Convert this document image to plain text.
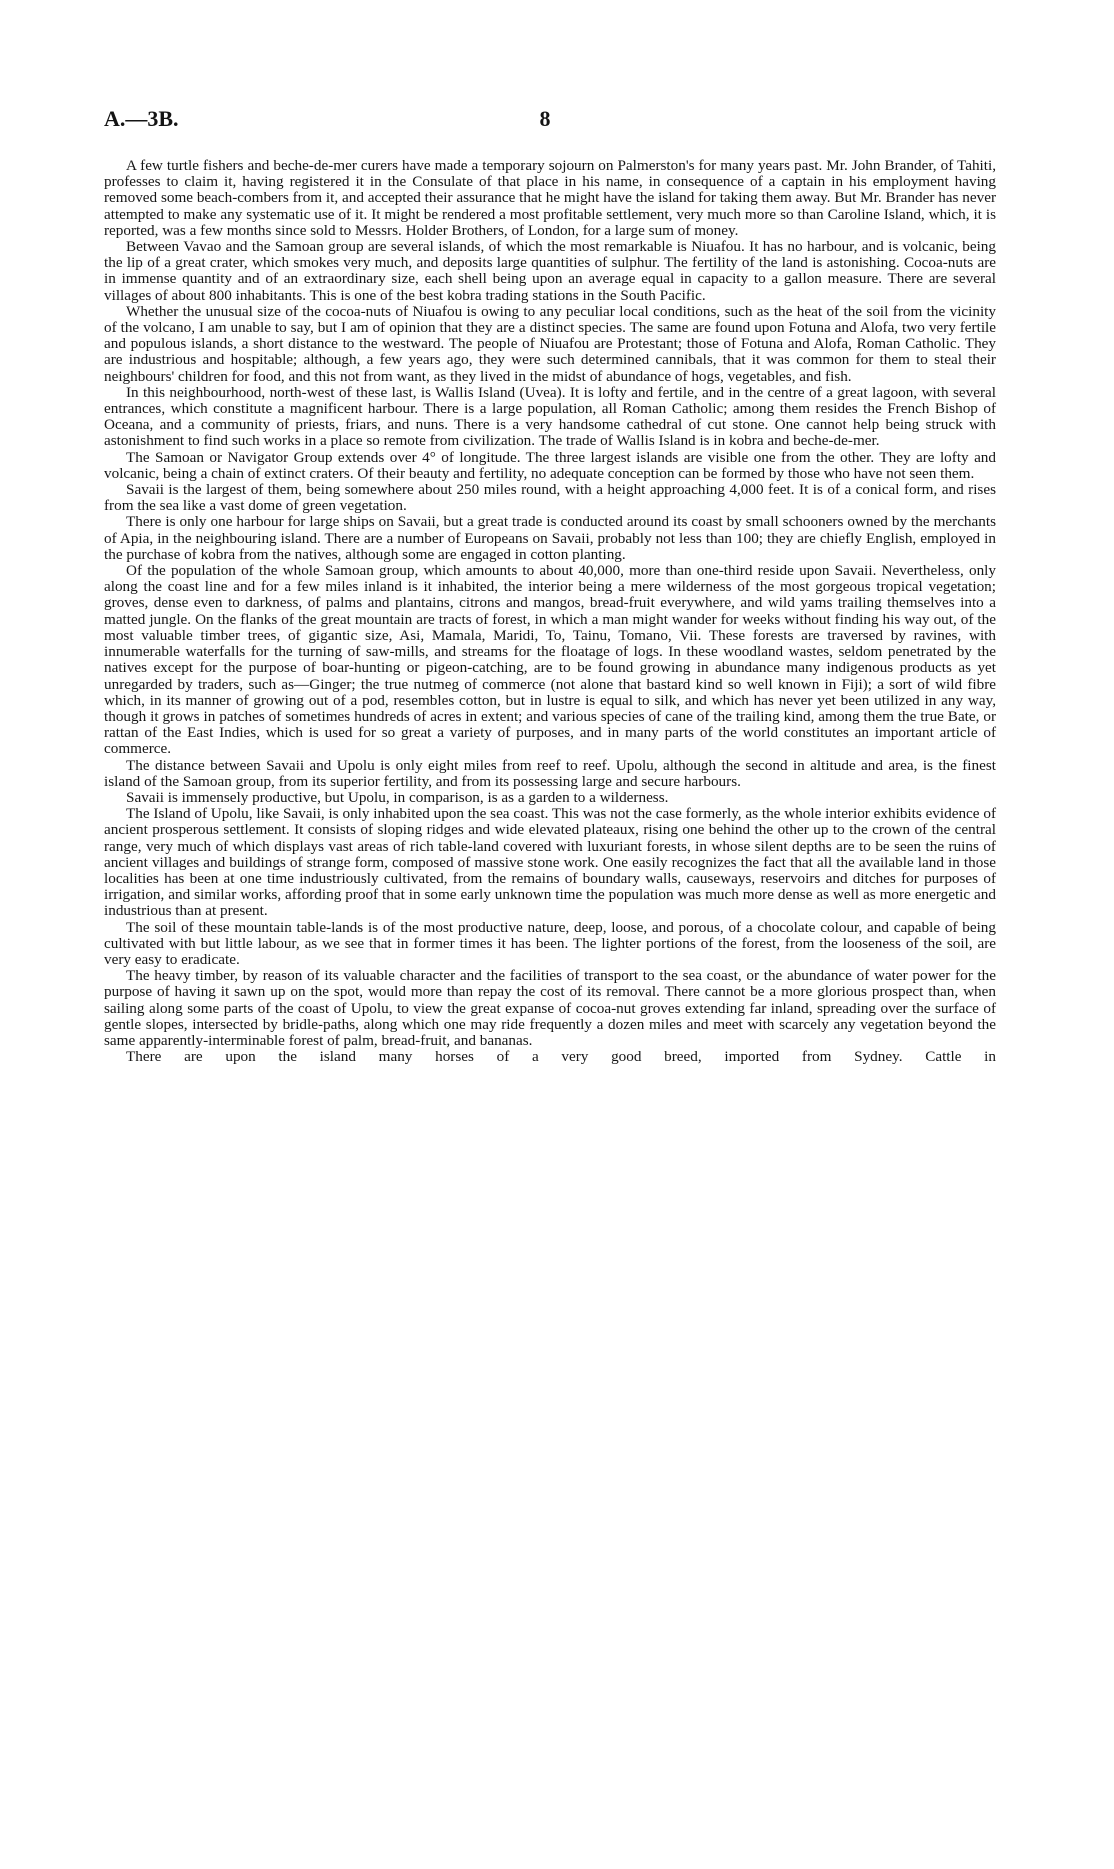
A.—3B.	8

A few turtle fishers and beche-de-mer curers have made a temporary sojourn on Palmerston's for many years past. Mr. John Brander, of Tahiti, professes to claim it, having registered it in the Consulate of that place in his name, in consequence of a captain in his employment having removed some beach-combers from it, and accepted their assurance that he might have the island for taking them away. But Mr. Brander has never attempted to make any systematic use of it. It might be rendered a most profitable settlement, very much more so than Caroline Island, which, it is reported, was a few months since sold to Messrs. Holder Brothers, of London, for a large sum of money.

Between Vavao and the Samoan group are several islands, of which the most remarkable is Niuafou. It has no harbour, and is volcanic, being the lip of a great crater, which smokes very much, and deposits large quantities of sulphur. The fertility of the land is astonishing. Cocoa-nuts are in immense quantity and of an extraordinary size, each shell being upon an average equal in capacity to a gallon measure. There are several villages of about 800 inhabitants. This is one of the best kobra trading stations in the South Pacific.

Whether the unusual size of the cocoa-nuts of Niuafou is owing to any peculiar local conditions, such as the heat of the soil from the vicinity of the volcano, I am unable to say, but I am of opinion that they are a distinct species. The same are found upon Fotuna and Alofa, two very fertile and populous islands, a short distance to the westward. The people of Niuafou are Protestant; those of Fotuna and Alofa, Roman Catholic. They are industrious and hospitable; although, a few years ago, they were such determined cannibals, that it was common for them to steal their neighbours' children for food, and this not from want, as they lived in the midst of abundance of hogs, vegetables, and fish.

In this neighbourhood, north-west of these last, is Wallis Island (Uvea). It is lofty and fertile, and in the centre of a great lagoon, with several entrances, which constitute a magnificent harbour. There is a large population, all Roman Catholic; among them resides the French Bishop of Oceana, and a community of priests, friars, and nuns. There is a very handsome cathedral of cut stone. One cannot help being struck with astonishment to find such works in a place so remote from civilization. The trade of Wallis Island is in kobra and beche-de-mer.

The Samoan or Navigator Group extends over 4° of longitude. The three largest islands are visible one from the other. They are lofty and volcanic, being a chain of extinct craters. Of their beauty and fertility, no adequate conception can be formed by those who have not seen them.

Savaii is the largest of them, being somewhere about 250 miles round, with a height approaching 4,000 feet. It is of a conical form, and rises from the sea like a vast dome of green vegetation.

There is only one harbour for large ships on Savaii, but a great trade is conducted around its coast by small schooners owned by the merchants of Apia, in the neighbouring island. There are a number of Europeans on Savaii, probably not less than 100; they are chiefly English, employed in the purchase of kobra from the natives, although some are engaged in cotton planting.

Of the population of the whole Samoan group, which amounts to about 40,000, more than one-third reside upon Savaii. Nevertheless, only along the coast line and for a few miles inland is it inhabited, the interior being a mere wilderness of the most gorgeous tropical vegetation; groves, dense even to darkness, of palms and plantains, citrons and mangos, bread-fruit everywhere, and wild yams trailing themselves into a matted jungle. On the flanks of the great mountain are tracts of forest, in which a man might wander for weeks without finding his way out, of the most valuable timber trees, of gigantic size, Asi, Mamala, Maridi, To, Tainu, Tomano, Vii. These forests are traversed by ravines, with innumerable waterfalls for the turning of saw-mills, and streams for the floatage of logs. In these woodland wastes, seldom penetrated by the natives except for the purpose of boar-hunting or pigeon-catching, are to be found growing in abundance many indigenous products as yet unregarded by traders, such as—Ginger; the true nutmeg of commerce (not alone that bastard kind so well known in Fiji); a sort of wild fibre which, in its manner of growing out of a pod, resembles cotton, but in lustre is equal to silk, and which has never yet been utilized in any way, though it grows in patches of sometimes hundreds of acres in extent; and various species of cane of the trailing kind, among them the true Bate, or rattan of the East Indies, which is used for so great a variety of purposes, and in many parts of the world constitutes an important article of commerce.

The distance between Savaii and Upolu is only eight miles from reef to reef. Upolu, although the second in altitude and area, is the finest island of the Samoan group, from its superior fertility, and from its possessing large and secure harbours.

Savaii is immensely productive, but Upolu, in comparison, is as a garden to a wilderness.

The Island of Upolu, like Savaii, is only inhabited upon the sea coast. This was not the case formerly, as the whole interior exhibits evidence of ancient prosperous settlement. It consists of sloping ridges and wide elevated plateaux, rising one behind the other up to the crown of the central range, very much of which displays vast areas of rich table-land covered with luxuriant forests, in whose silent depths are to be seen the ruins of ancient villages and buildings of strange form, composed of massive stone work. One easily recognizes the fact that all the available land in those localities has been at one time industriously cultivated, from the remains of boundary walls, causeways, reservoirs and ditches for purposes of irrigation, and similar works, affording proof that in some early unknown time the population was much more dense as well as more energetic and industrious than at present.

The soil of these mountain table-lands is of the most productive nature, deep, loose, and porous, of a chocolate colour, and capable of being cultivated with but little labour, as we see that in former times it has been. The lighter portions of the forest, from the looseness of the soil, are very easy to eradicate.

The heavy timber, by reason of its valuable character and the facilities of transport to the sea coast, or the abundance of water power for the purpose of having it sawn up on the spot, would more than repay the cost of its removal. There cannot be a more glorious prospect than, when sailing along some parts of the coast of Upolu, to view the great expanse of cocoa-nut groves extending far inland, spreading over the surface of gentle slopes, intersected by bridle-paths, along which one may ride frequently a dozen miles and meet with scarcely any vegetation beyond the same apparently-interminable forest of palm, bread-fruit, and bananas.

There are upon the island many horses of a very good breed, imported from Sydney. Cattle in
